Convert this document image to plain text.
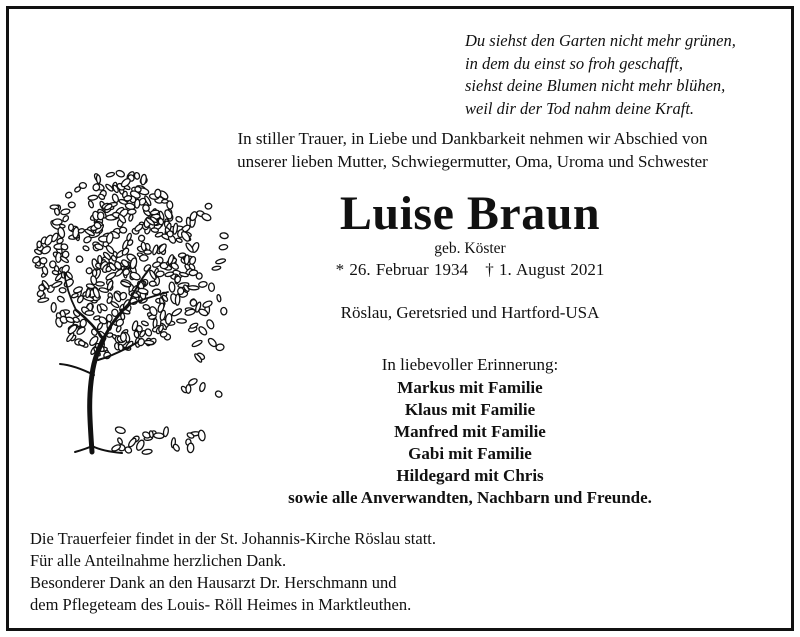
Du siehst den Garten nicht mehr grünen,
in dem du einst so froh geschafft,
siehst deine Blumen nicht mehr blühen,
weil dir der Tod nahm deine Kraft.
In stiller Trauer, in Liebe und Dankbarkeit nehmen wir Abschied von
unserer lieben Mutter, Schwiegermutter, Oma, Uroma und Schwester
Luise Braun
geb. Köster
* 26. Februar 1934 † 1. August 2021
Röslau, Geretsried und Hartford-USA
In liebevoller Erinnerung:
Markus mit Familie
Klaus mit Familie
Manfred mit Familie
Gabi mit Familie
Hildegard mit Chris
sowie alle Anverwandten, Nachbarn und Freunde.
Die Trauerfeier findet in der St. Johannis-Kirche Röslau statt.
Für alle Anteilnahme herzlichen Dank.
Besonderer Dank an den Hausarzt Dr. Herschmann und
dem Pflegeteam des Louis- Röll Heimes in Marktleuthen.
